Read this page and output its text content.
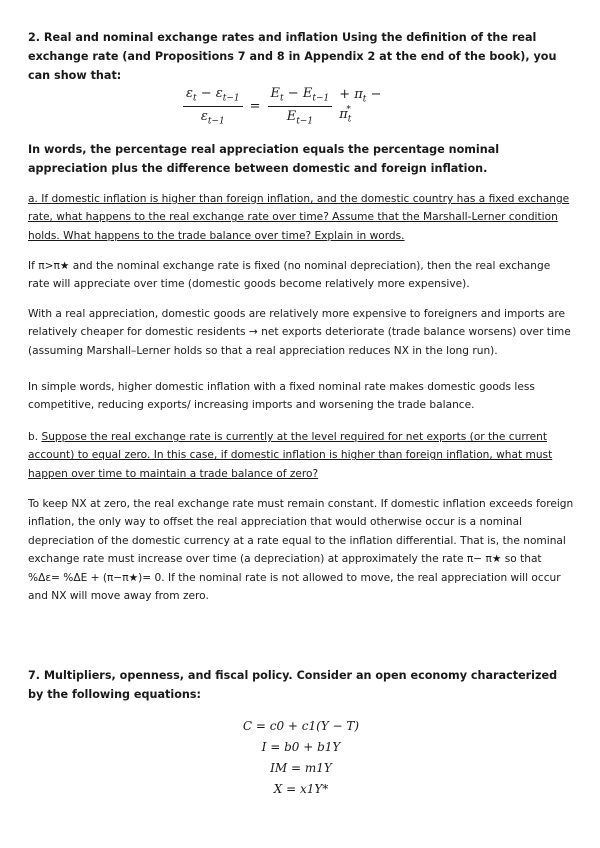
2. Real and nominal exchange rates and inflation Using the definition of the real exchange rate (and Propositions 7 and 8 in Appendix 2 at the end of the book), you can show that:

$\frac{\varepsilon_t - \varepsilon_{t-1}}{\varepsilon_{t-1}} = \frac{E_t - E_{t-1}}{E_{t-1}} + \pi_t - \pi_t^*$

In words, the percentage real appreciation equals the percentage nominal appreciation plus the difference between domestic and foreign inflation.

a. If domestic inflation is higher than foreign inflation, and the domestic country has a fixed exchange rate, what happens to the real exchange rate over time? Assume that the Marshall-Lerner condition holds. What happens to the trade balance over time? Explain in words.

If π>π★ and the nominal exchange rate is fixed (no nominal depreciation), then the real exchange rate will appreciate over time (domestic goods become relatively more expensive).

With a real appreciation, domestic goods are relatively more expensive to foreigners and imports are relatively cheaper for domestic residents → net exports deteriorate (trade balance worsens) over time (assuming Marshall–Lerner holds so that a real appreciation reduces NX in the long run).

In simple words, higher domestic inflation with a fixed nominal rate makes domestic goods less competitive, reducing exports/ increasing imports and worsening the trade balance.

b. Suppose the real exchange rate is currently at the level required for net exports (or the current account) to equal zero. In this case, if domestic inflation is higher than foreign inflation, what must happen over time to maintain a trade balance of zero?

To keep NX at zero, the real exchange rate must remain constant. If domestic inflation exceeds foreign inflation, the only way to offset the real appreciation that would otherwise occur is a nominal depreciation of the domestic currency at a rate equal to the inflation differential. That is, the nominal exchange rate must increase over time (a depreciation) at approximately the rate π− π★ so that %Δε= %ΔE + (π−π★)= 0. If the nominal rate is not allowed to move, the real appreciation will occur and NX will move away from zero.

7. Multipliers, openness, and fiscal policy. Consider an open economy characterized by the following equations:

C = c0 + c1(Y − T)
I = b0 + b1Y
IM = m1Y
X = x1Y*
